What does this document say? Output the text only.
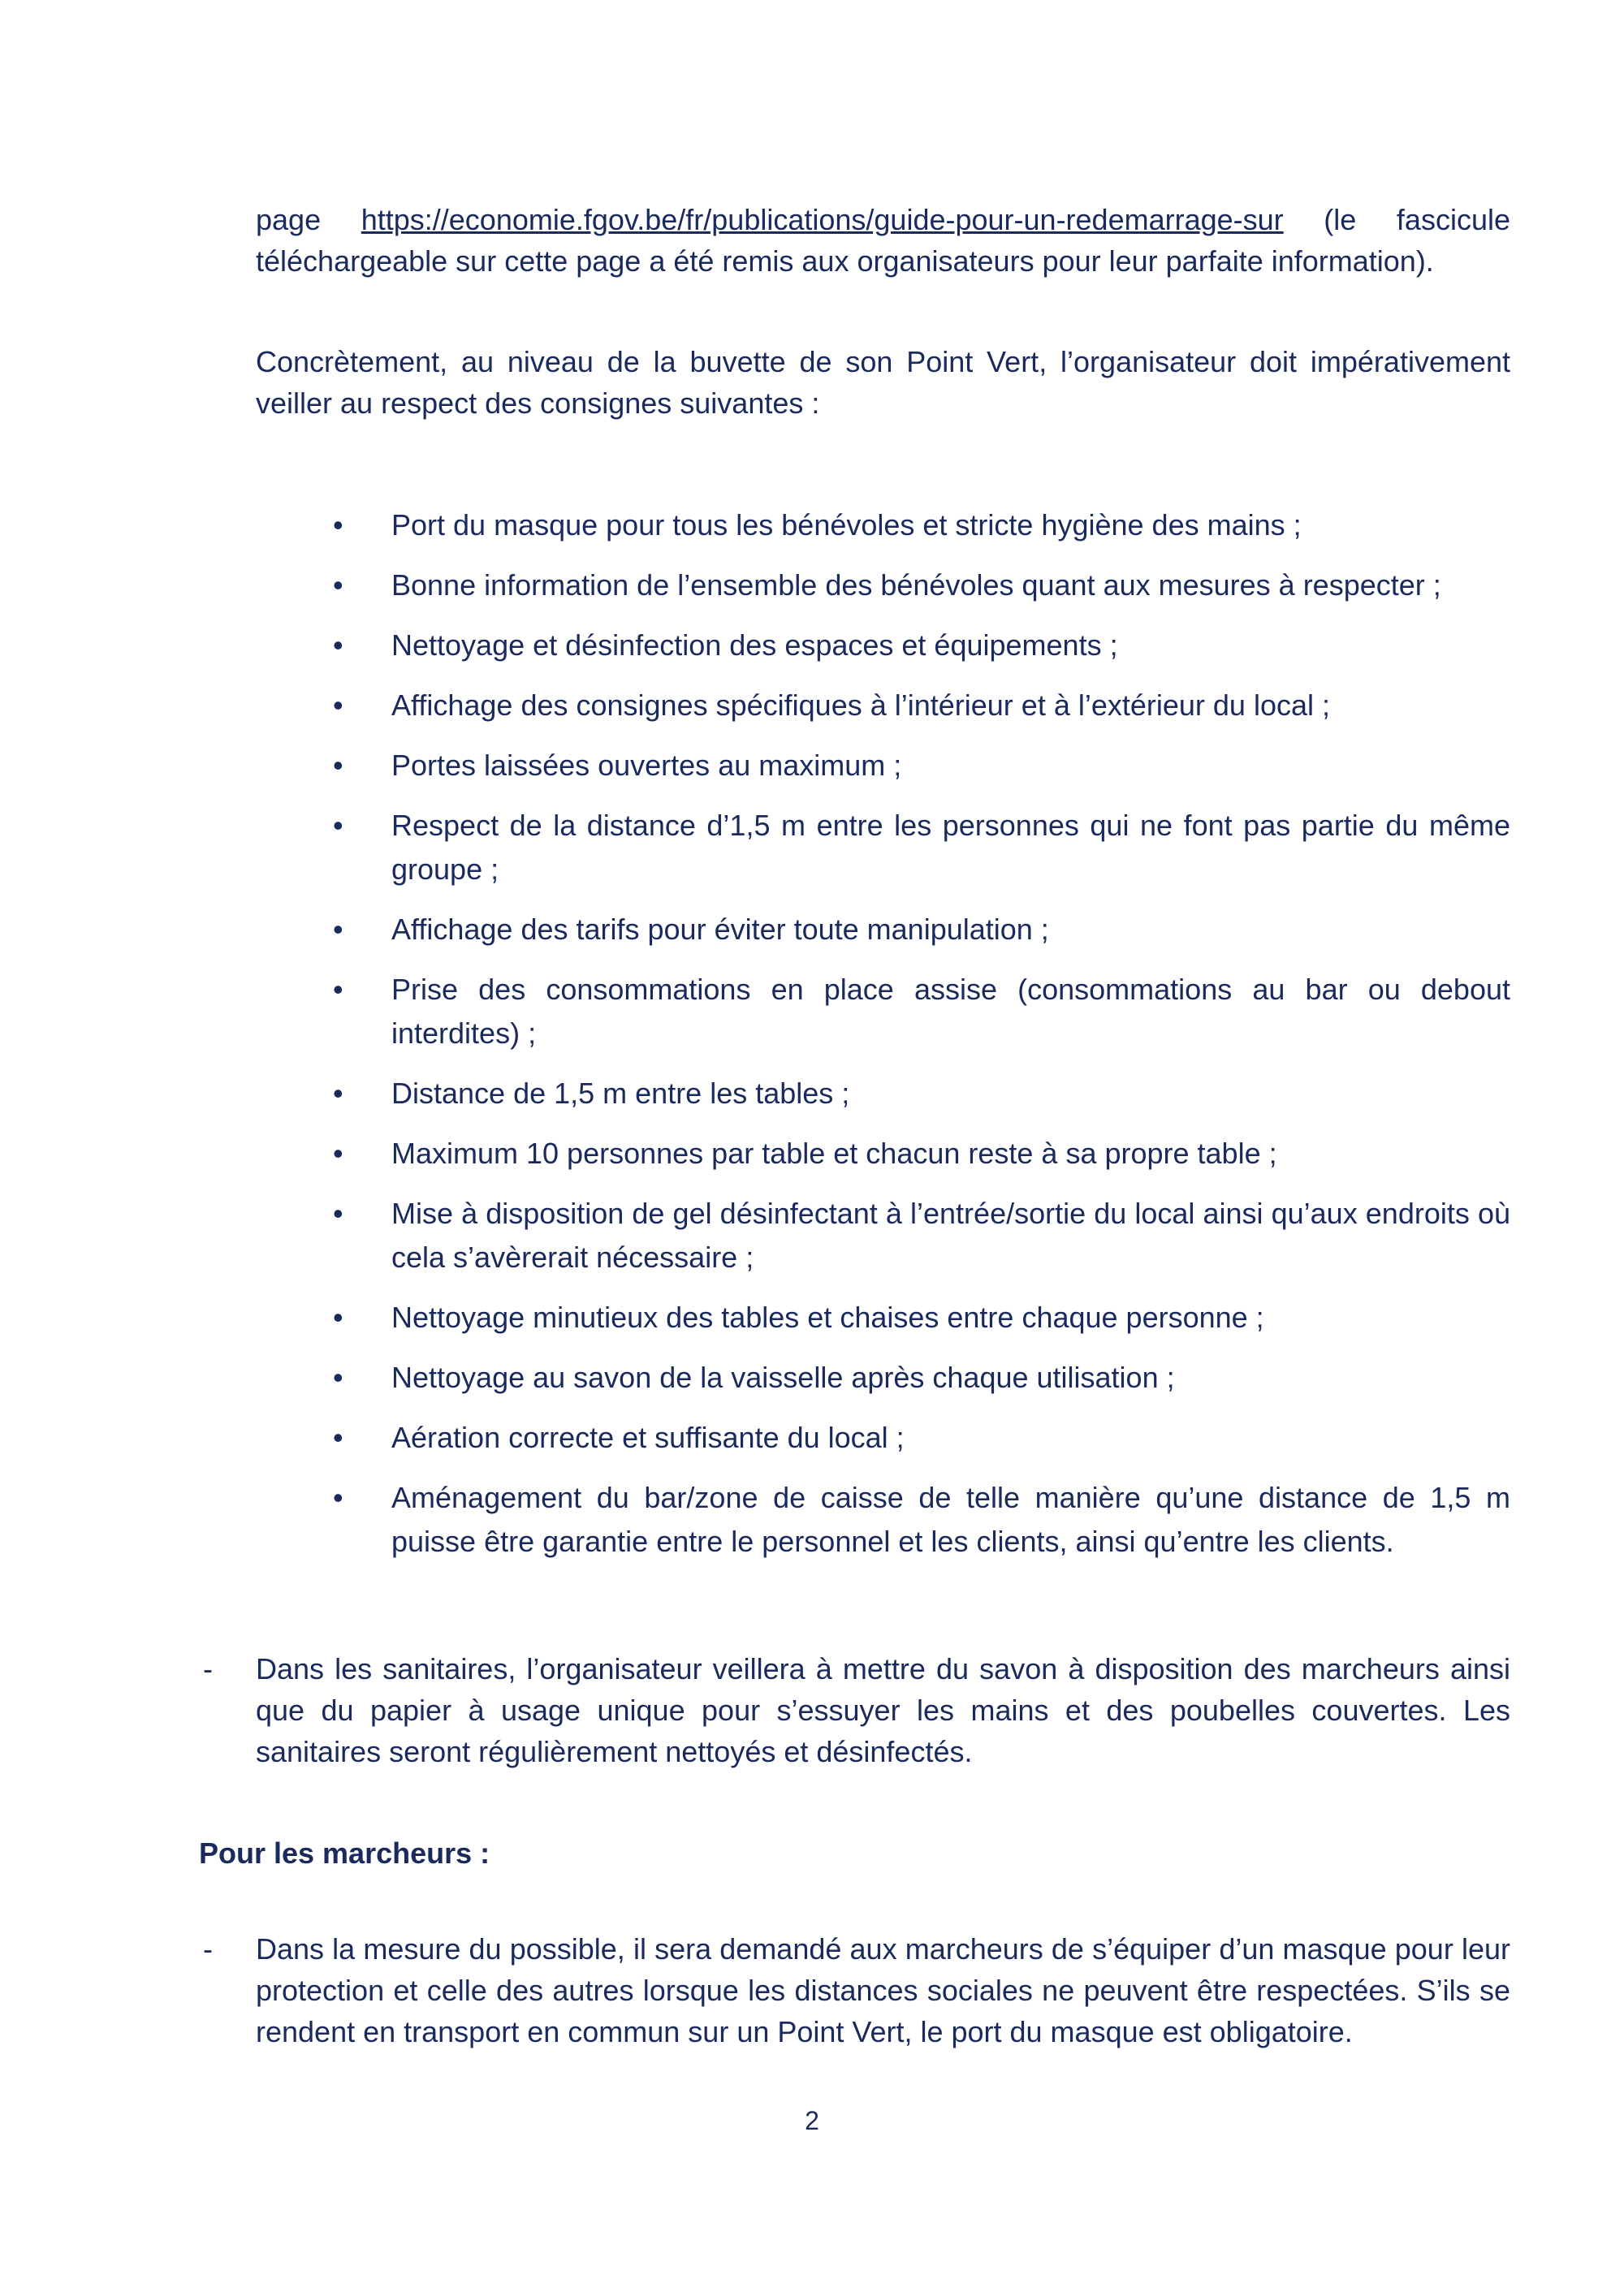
page https://economie.fgov.be/fr/publications/guide-pour-un-redemarrage-sur (le fascicule téléchargeable sur cette page a été remis aux organisateurs pour leur parfaite information).

Concrètement, au niveau de la buvette de son Point Vert, l’organisateur doit impérativement veiller au respect des consignes suivantes :

• Port du masque pour tous les bénévoles et stricte hygiène des mains ;
• Bonne information de l’ensemble des bénévoles quant aux mesures à respecter ;
• Nettoyage et désinfection des espaces et équipements ;
• Affichage des consignes spécifiques à l’intérieur et à l’extérieur du local ;
• Portes laissées ouvertes au maximum ;
• Respect de la distance d’1,5 m entre les personnes qui ne font pas partie du même groupe ;
• Affichage des tarifs pour éviter toute manipulation ;
• Prise des consommations en place assise (consommations au bar ou debout interdites) ;
• Distance de 1,5 m entre les tables ;
• Maximum 10 personnes par table et chacun reste à sa propre table ;
• Mise à disposition de gel désinfectant à l’entrée/sortie du local ainsi qu’aux endroits où cela s’avèrerait nécessaire ;
• Nettoyage minutieux des tables et chaises entre chaque personne ;
• Nettoyage au savon de la vaisselle après chaque utilisation ;
• Aération correcte et suffisante du local ;
• Aménagement du bar/zone de caisse de telle manière qu’une distance de 1,5 m puisse être garantie entre le personnel et les clients, ainsi qu’entre les clients.
- Dans les sanitaires, l’organisateur veillera à mettre du savon à disposition des marcheurs ainsi que du papier à usage unique pour s’essuyer les mains et des poubelles couvertes. Les sanitaires seront régulièrement nettoyés et désinfectés.
Pour les marcheurs :
- Dans la mesure du possible, il sera demandé aux marcheurs de s’équiper d’un masque pour leur protection et celle des autres lorsque les distances sociales ne peuvent être respectées. S’ils se rendent en transport en commun sur un Point Vert, le port du masque est obligatoire.
2
